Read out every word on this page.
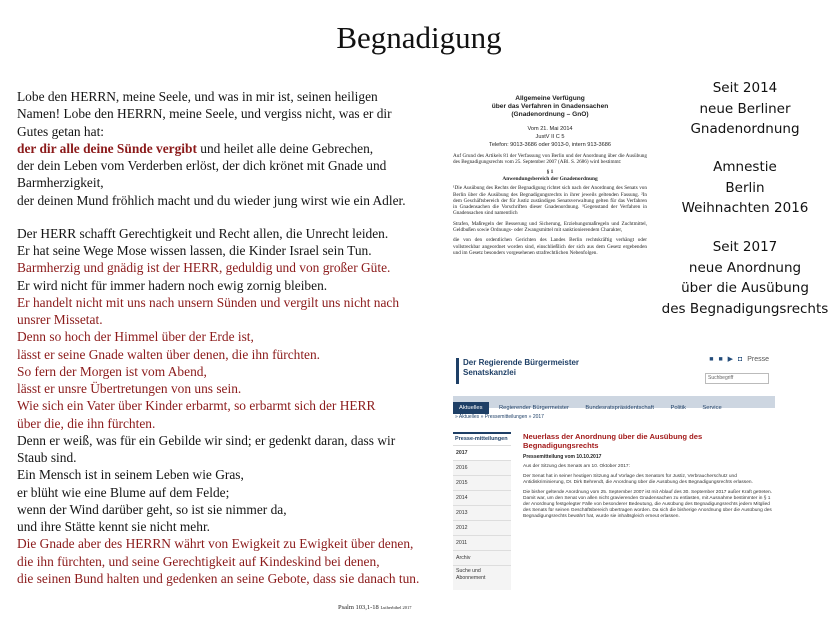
Begnadigung
Lobe den HERRN, meine Seele, und was in mir ist, seinen heiligen
Namen! Lobe den HERRN, meine Seele, und vergiss nicht, was er dir
Gutes getan hat:
der dir alle deine Sünde vergibt und heilet alle deine Gebrechen,
der dein Leben vom Verderben erlöst, der dich krönet mit Gnade und
Barmherzigkeit,
der deinen Mund fröhlich macht und du wieder jung wirst wie ein Adler.
Der HERR schafft Gerechtigkeit und Recht allen, die Unrecht leiden.
Er hat seine Wege Mose wissen lassen, die Kinder Israel sein Tun.
Barmherzig und gnädig ist der HERR, geduldig und von großer Güte.
Er wird nicht für immer hadern noch ewig zornig bleiben.
Er handelt nicht mit uns nach unsern Sünden und vergilt uns nicht nach
unsrer Missetat.
Denn so hoch der Himmel über der Erde ist,
lässt er seine Gnade walten über denen, die ihn fürchten.
So fern der Morgen ist vom Abend,
lässt er unsre Übertretungen von uns sein.
Wie sich ein Vater über Kinder erbarmt, so erbarmt sich der HERR
über die, die ihn fürchten.
Denn er weiß, was für ein Gebilde wir sind; er gedenkt daran, dass wir
Staub sind.
Ein Mensch ist in seinem Leben wie Gras,
er blüht wie eine Blume auf dem Felde;
wenn der Wind darüber geht, so ist sie nimmer da,
und ihre Stätte kennt sie nicht mehr.
Die Gnade aber des HERRN währt von Ewigkeit zu Ewigkeit über denen,
die ihn fürchten, und seine Gerechtigkeit auf Kindeskind bei denen,
die seinen Bund halten und gedenken an seine Gebote, dass sie danach tun.
Psalm 103,1-18 Lutherbibel 2017
Allgemeine Verfügung
über das Verfahren in Gnadensachen
(Gnadenordnung – GnO)
Vom 21. Mai 2014
JustV II C 5
Telefon: 9013-3686 oder 9013-0, intern 913-3686
Auf Grund des Artikels 81 der Verfassung von Berlin und der Anordnung über die Ausübung des Begnadigungsrechts vom 25. September 2007 (ABl. S. 2686) wird bestimmt:
§ 1
Anwendungsbereich der Gnadenordnung
¹Die Ausübung des Rechts der Begnadigung richtet sich nach der Anordnung des Senats von Berlin über die Ausübung des Begnadigungsrechts in ihrer jeweils geltenden Fassung. ²In dem Geschäftsbereich der für Justiz zuständigen Senatsverwaltung gelten für das Verfahren in Gnadensachen die Vorschriften dieser Gnadenordnung. ³Gegenstand der Verfahren in Gnadensachen sind namentlich
Strafen, Maßregeln der Besserung und Sicherung, Erziehungsmaßregeln und Zuchtmittel, Geldbußen sowie Ordnungs- oder Zwangsmittel mit sanktionierendem Charakter,
die von den ordentlichen Gerichten des Landes Berlin rechtskräftig verhängt oder vollstreckbar angeordnet worden sind, einschließlich der sich aus dem Gesetz ergebenden und im Gesetz besonders vorgesehenen strafrechtlichen Nebenfolgen.
Seit 2014
neue Berliner
Gnadenordnung
Amnestie
Berlin
Weihnachten 2016
Seit 2017
neue Anordnung
über die Ausübung
des Begnadigungsrechts
■ ■ ▶ ◘ Presse
Suchbegriff
Der Regierende Bürgermeister
Senatskanzlei
Aktuelles	Regierender Bürgermeister	Bundesratspräsidentschaft	Politik	Service
» Aktuelles » Pressemitteilungen » 2017
Presse-mitteilungen
2017
2016
2015
2014
2013
2012
2011
Archiv
Suche und Abonnement
Neuerlass der Anordnung über die Ausübung des Begnadigungsrechts
Pressemitteilung vom 10.10.2017
Aus der Sitzung des Senats am 10. Oktober 2017:
Der Senat hat in seiner heutigen Sitzung auf Vorlage des Senators für Justiz, Verbraucherschutz und Antidiskriminierung, Dr. Dirk Behrendt, die Anordnung über die Ausübung des Begnadigungsrechts erlassen.
Die bisher geltende Anordnung vom 25. September 2007 ist mit Ablauf des 30. September 2017 außer Kraft getreten. Damit war, um den Senat von allen nicht gravierenden Gnadensachen zu entlasten, mit Ausnahme bestimmter in § 1 der Anordnung festgelegter Fälle von besonderer Bedeutung, die Ausübung des Begnadigungsrechts jedem Mitglied des Senats für seinen Geschäftsbereich übertragen worden. Da sich die bisherige Anordnung über die Ausübung des Begnadigungsrechts bewährt hat, wurde sie inhaltsgleich erneut erlassen.
